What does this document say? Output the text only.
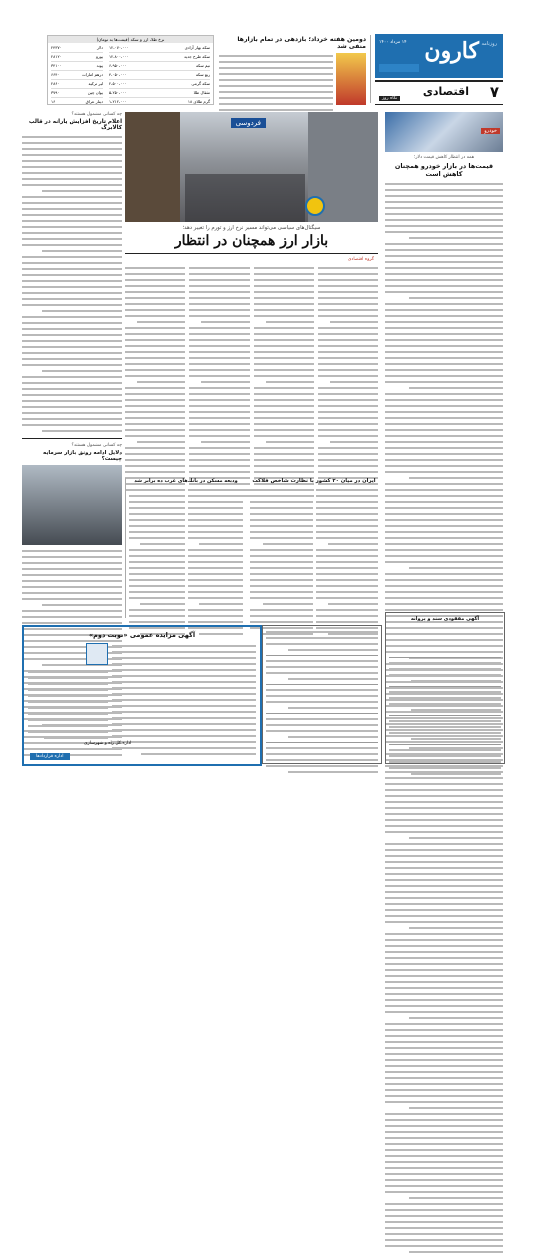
کارون روزنامه
۱۴ مرداد ۱۴۰۰
اقتصادی ۷
نگاه روز
دومین هفته خرداد؛ بازدهی در تمام بازارها منفی شد
نرخ طلا، ارز و سکه (قیمت‌ها به تومان)
سکه بهار آزادی
۱۲،۰۷۰،۰۰۰
سکه طرح جدید
۱۲،۸۰۰،۰۰۰
نیم سکه
۶،۹۵۰،۰۰۰
ربع سکه
۴،۰۵۰،۰۰۰
سکه گرمی
۲،۵۰۰،۰۰۰
مثقال طلا
۵،۲۵۰،۰۰۰
گرم طلای ۱۸
۱،۲۱۲،۰۰۰
دلار
۲۴۳۷۰
یورو
۲۸۱۲۰
پوند
۳۴۱۰۰
درهم امارات
۶۶۴۰
لیر ترکیه
۲۸۶۰
یوان چین
۳۷۹۰
دینار عراق
۱۶
خودرو
همه در انتظار کاهش قیمت دلار؛
قیمت‌ها در بازار خودرو همچنان کاهش است
فردوسی
سیگنال‌های سیاسی می‌تواند مسیر نرخ ارز و تورم را تغییر دهد؛
بازار ارز همچنان در انتظار
گروه اقتصادی
چه کسانی مشمول هستند؟
اعلام تاریخ افزایش یارانه در قالب کالابرگ
چه کسانی مشمول هستند؟
دلایل ادامه رونق بازار سرمایه چیست؟
ایران در میان ۲۰ کشور با نظارت شاخص فلاکت
وديعه مسكن در بانك‌هاى غرب ده برابر شد
آگهی مفقودی سند و پروانه
آگهی مزایده عمومی «نوبت دوم»
اداره کل راه و شهرسازی
اداره قراردادها
